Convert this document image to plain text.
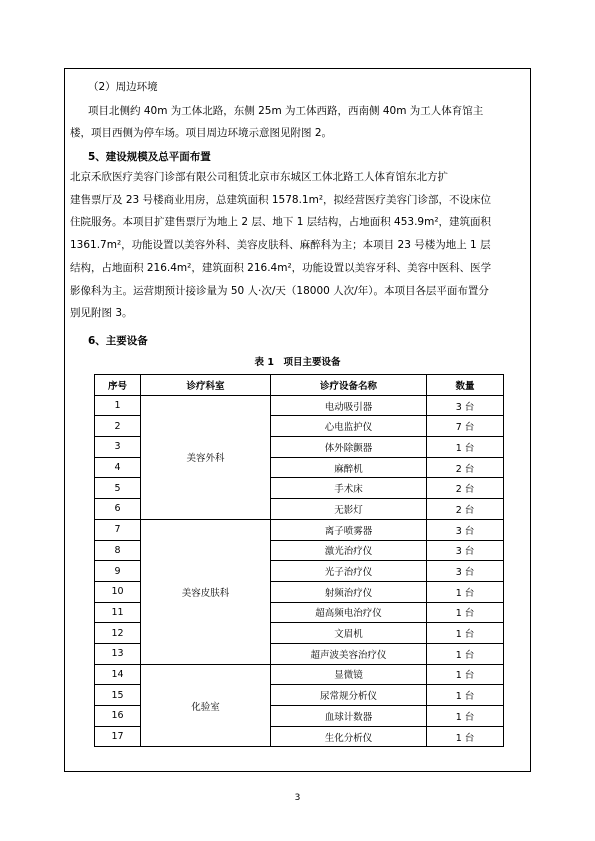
（2）周边环境
项目北侧约 40m 为工体北路，东侧 25m 为工体西路，西南侧 40m 为工人体育馆主
楼，项目西侧为停车场。项目周边环境示意图见附图 2。
5、建设规模及总平面布置
北京禾欣医疗美容门诊部有限公司租赁北京市东城区工体北路工人体育馆东北方扩
建售票厅及 23 号楼商业用房，总建筑面积 1578.1m²，拟经营医疗美容门诊部，不设床位
住院服务。本项目扩建售票厅为地上 2 层、地下 1 层结构，占地面积 453.9m²，建筑面积
1361.7m²，功能设置以美容外科、美容皮肤科、麻醉科为主；本项目 23 号楼为地上 1 层
结构，占地面积 216.4m²，建筑面积 216.4m²，功能设置以美容牙科、美容中医科、医学
影像科为主。运营期预计接诊量为 50 人·次/天（18000 人次/年）。本项目各层平面布置分
别见附图 3。
6、主要设备
表 1　项目主要设备
序号	诊疗科室	诊疗设备名称	数量
1	美容外科	电动吸引器	3 台
2		心电监护仪	7 台
3		体外除颤器	1 台
4		麻醉机	2 台
5		手术床	2 台
6		无影灯	2 台
7	美容皮肤科	离子喷雾器	3 台
8		激光治疗仪	3 台
9		光子治疗仪	3 台
10		射频治疗仪	1 台
11		超高频电治疗仪	1 台
12		文眉机	1 台
13		超声波美容治疗仪	1 台
14	化验室	显微镜	1 台
15		尿常规分析仪	1 台
16		血球计数器	1 台
17		生化分析仪	1 台
3
